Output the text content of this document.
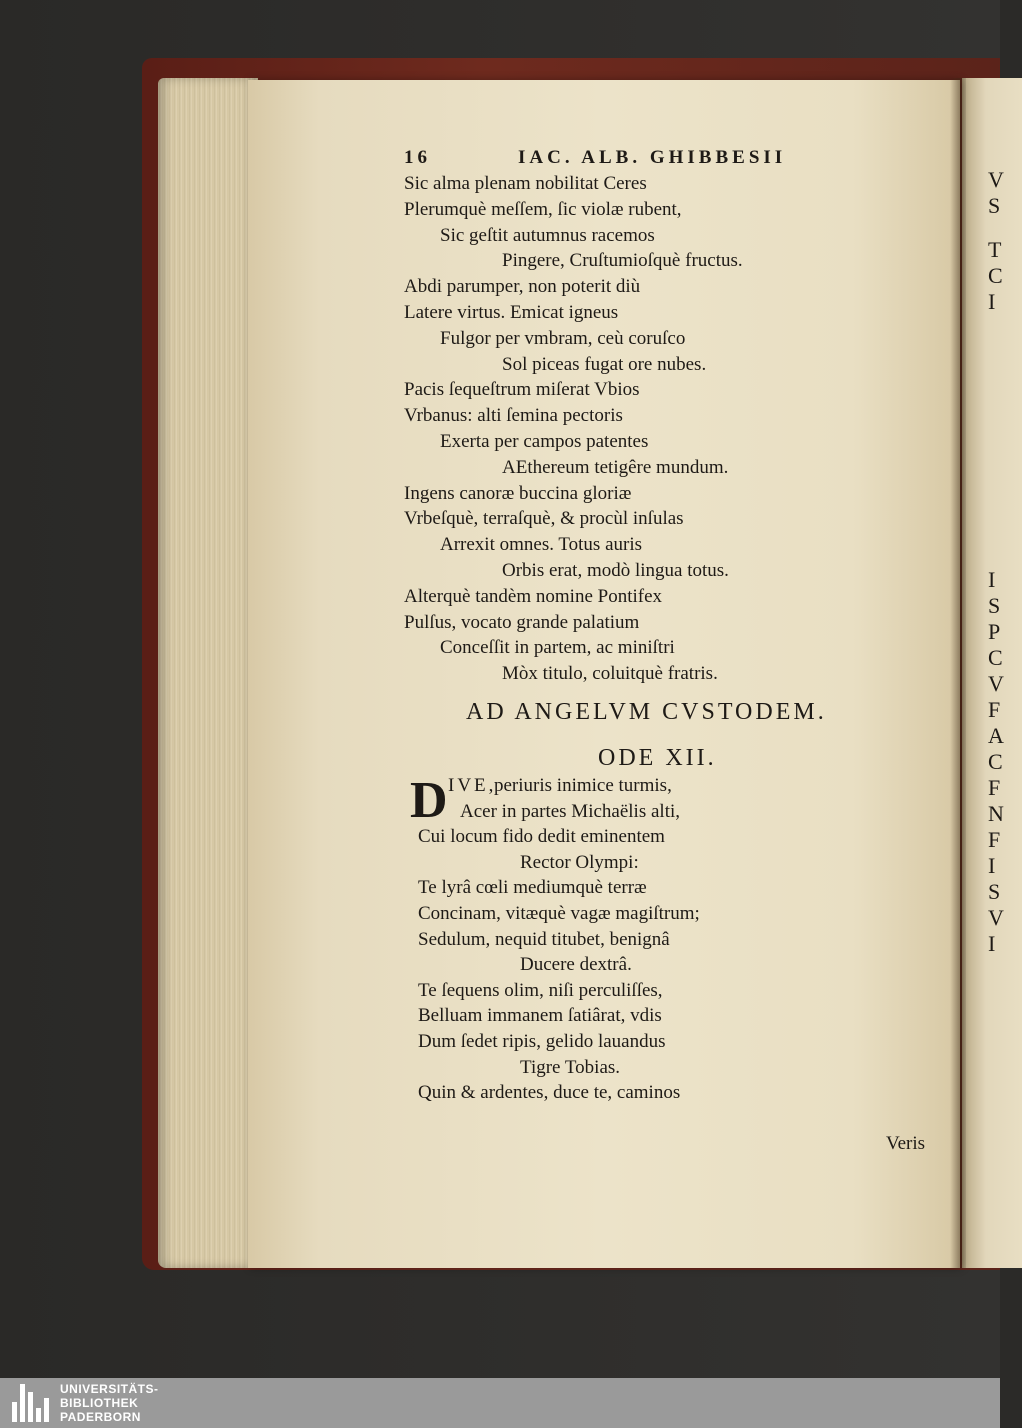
16	IAC. ALB. GHIBBESII
Sic alma plenam nobilitat Ceres
Plerumquè meſſem, ſic violæ rubent,
Sic geſtit autumnus racemos
Pingere, Cruſtumioſquè fructus.
Abdi parumper, non poterit diù
Latere virtus. Emicat igneus
Fulgor per vmbram, ceù coruſco
Sol piceas fugat ore nubes.
Pacis ſequeſtrum miſerat Vbios
Vrbanus: alti ſemina pectoris
Exerta per campos patentes
AEthereum tetigêre mundum.
Ingens canoræ buccina gloriæ
Vrbeſquè, terraſquè, & procùl inſulas
Arrexit omnes. Totus auris
Orbis erat, modò lingua totus.
Alterquè tandèm nomine Pontifex
Pulſus, vocato grande palatium
Conceſſit in partem, ac miniſtri
Mòx titulo, coluitquè fratris.
AD ANGELVM CVSTODEM.
ODE XII.
D IVE,
periuris inimice turmis,
Acer in partes Michaëlis alti,
Cui locum fido dedit eminentem
Rector Olympi:
Te lyrâ cœli mediumquè terræ
Concinam, vitæquè vagæ magiſtrum;
Sedulum, nequid titubet, benignâ
Ducere dextrâ.
Te ſequens olim, niſi perculiſſes,
Belluam immanem ſatiârat, vdis
Dum ſedet ripis, gelido lauandus
Tigre Tobias.
Quin & ardentes, duce te, caminos
Veris
V
S
T
C
I
I
S
P
C
V
F
A
C
F
N
F
I
S
V
I
UNIVERSITÄTS-
BIBLIOTHEK
PADERBORN
